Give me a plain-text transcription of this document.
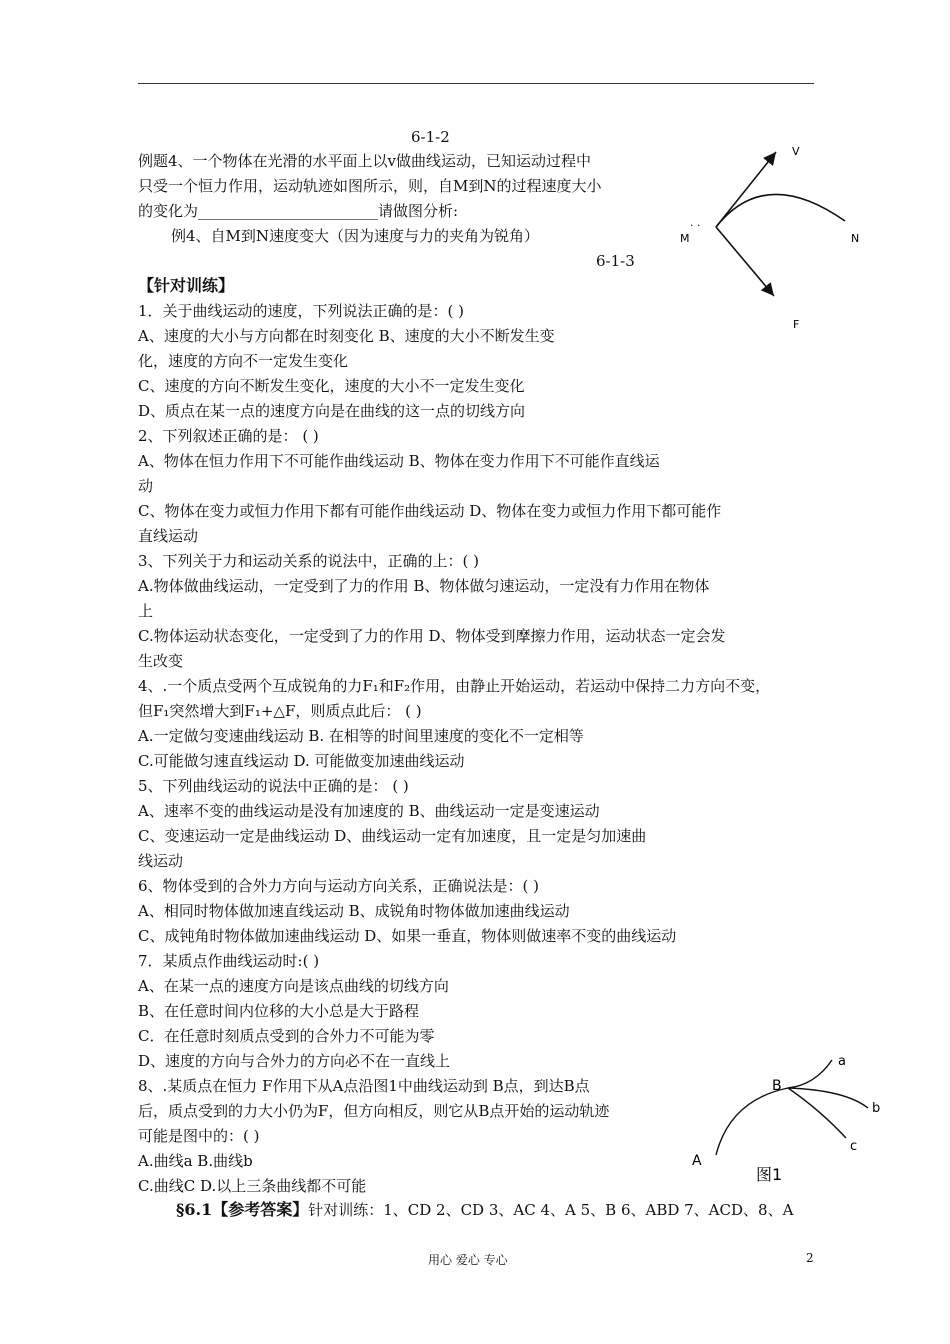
6-1-2
例题4、一个物体在光滑的水平面上以v做曲线运动，已知运动过程中
只受一个恒力作用，运动轨迹如图所示，则，自M到N的过程速度大小
的变化为________________________请做图分析:
例4、自M到N速度变大（因为速度与力的夹角为锐角）
6-1-3
V
. .
M	N
F
【针对训练】
1．关于曲线运动的速度，下列说法正确的是：( )
A、速度的大小与方向都在时刻变化 B、速度的大小不断发生变
化，速度的方向不一定发生变化
C、速度的方向不断发生变化，速度的大小不一定发生变化
D、质点在某一点的速度方向是在曲线的这一点的切线方向
2、下列叙述正确的是： ( )
A、物体在恒力作用下不可能作曲线运动 B、物体在变力作用下不可能作直线运
动
C、物体在变力或恒力作用下都有可能作曲线运动 D、物体在变力或恒力作用下都可能作
直线运动
3、下列关于力和运动关系的说法中，正确的上：( )
A.物体做曲线运动，一定受到了力的作用 B、物体做匀速运动，一定没有力作用在物体
上
C.物体运动状态变化，一定受到了力的作用 D、物体受到摩擦力作用，运动状态一定会发
生改变
4、.一个质点受两个互成锐角的力F₁和F₂作用，由静止开始运动，若运动中保持二力方向不变，
但F₁突然增大到F₁+△F，则质点此后： ( )
A.一定做匀变速曲线运动 B. 在相等的时间里速度的变化不一定相等
C.可能做匀速直线运动 D. 可能做变加速曲线运动
5、下列曲线运动的说法中正确的是： ( )
A、速率不变的曲线运动是没有加速度的 B、曲线运动一定是变速运动
C、变速运动一定是曲线运动 D、曲线运动一定有加速度，且一定是匀加速曲
线运动
6、物体受到的合外力方向与运动方向关系，正确说法是：( )
A、相同时物体做加速直线运动 B、成锐角时物体做加速曲线运动
C、成钝角时物体做加速曲线运动 D、如果一垂直，物体则做速率不变的曲线运动
7．某质点作曲线运动时:( )
A、在某一点的速度方向是该点曲线的切线方向
B、在任意时间内位移的大小总是大于路程
C．在任意时刻质点受到的合外力不可能为零
D、速度的方向与合外力的方向必不在一直线上
8、.某质点在恒力 F作用下从A点沿图1中曲线运动到 B点，到达B点
后，质点受到的力大小仍为F，但方向相反，则它从B点开始的运动轨迹
可能是图中的：( )
A.曲线a B.曲线b
C.曲线C D.以上三条曲线都不可能
A
B
a
b
c
图1
§6.1【参考答案】针对训练：1、CD 2、CD 3、AC 4、A 5、B 6、ABD 7、ACD、8、A
用心 爱心 专心	2
